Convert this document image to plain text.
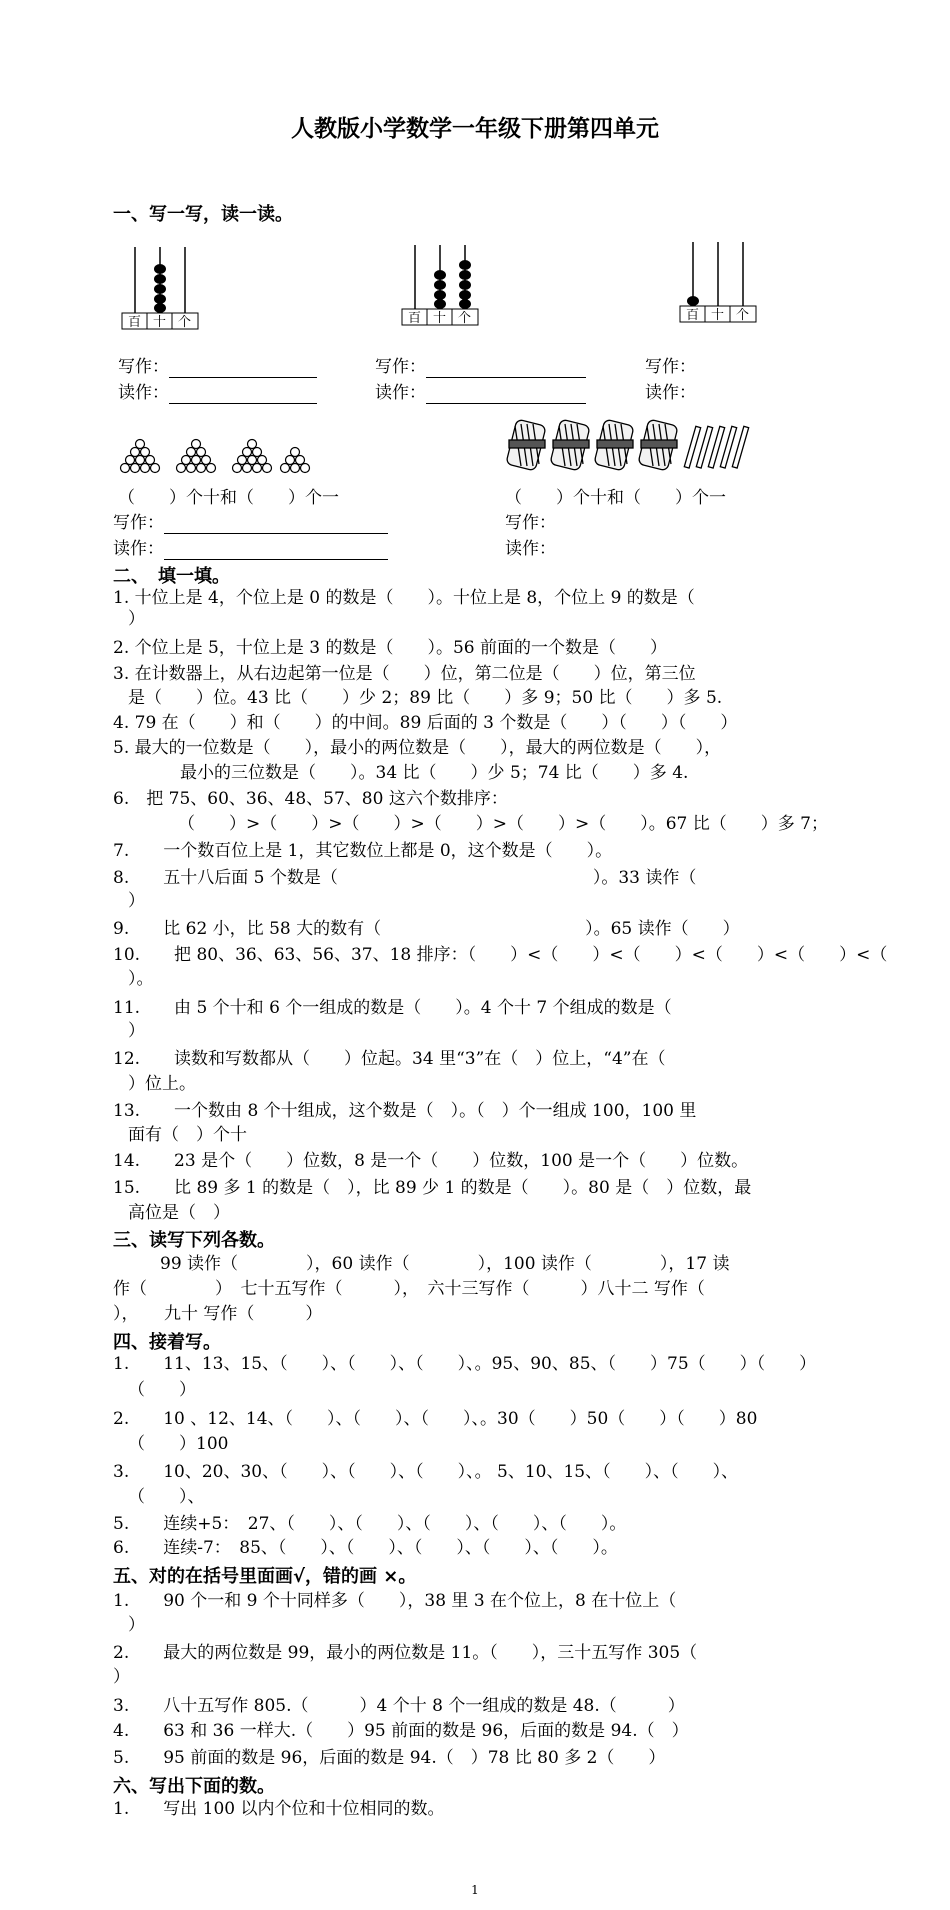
人教版小学数学一年级下册第四单元
一、写一写，读一读。
百 十 个	百 十 个	百 十 个
写作：
读作：
写作：
读作：
写作：
读作：
（　　）个十和（　　）个一	（　　）个十和（　　）个一
写作：
读作：
写作：
读作：
二、　填一填。
1. 十位上是 4，个位上是 0 的数是（　　）。十位上是 8，个位上 9 的数是（
）
2. 个位上是 5，十位上是 3 的数是（　　）。56 前面的一个数是（　　）
3. 在计数器上，从右边起第一位是（　　）位，第二位是（　　）位，第三位
是（　　）位。43 比（　　）少 2；89 比（　　）多 9；50 比（　　）多 5.
4. 79 在（　　）和（　　）的中间。89 后面的 3 个数是（　　）（　　）（　　）
5. 最大的一位数是（　　），最小的两位数是（　　），最大的两位数是（　　），
最小的三位数是（　　）。34 比（　　）少 5；74 比（　　）多 4.
6.　把 75、60、36、48、57、80 这六个数排序：
（　　）>（　　）>（　　）>（　　）>（　　）>（　　）。67 比（　　）多 7；
7.　　一个数百位上是 1，其它数位上都是 0，这个数是（　　）。
8.　　五十八后面 5 个数是（　　　　　　　　　　　　　　　）。33 读作（
）
9.　　比 62 小，比 58 大的数有（　　　　　　　　　　　　）。65 读作（　　）
10.　　把 80、36、63、56、37、18 排序：（　　）<（　　）<（　　）<（　　）<（　　）<（
）。
11.　　由 5 个十和 6 个一组成的数是（　　）。4 个十 7 个组成的数是（
）
12.　　读数和写数都从（　　）位起。34 里“3”在（　）位上，“4”在（
）位上。
13.　　一个数由 8 个十组成，这个数是（　）。（　）个一组成 100，100 里
面有（　）个十
14.　　23 是个（　　）位数，8 是一个（　　）位数，100 是一个（　　）位数。
15.　　比 89 多 1 的数是（　），比 89 少 1 的数是（　　）。80 是（　）位数，最
高位是（　）
三、读写下列各数。
99 读作（　　　　），60 读作（　　　　），100 读作（　　　　），17 读
作（　　　　）　七十五写作（　　　），　六十三写作（　　　）八十二 写作（
），　　九十 写作（　　　）
四、接着写。
1.　　11、13、15、（　　）、（　　）、（　　）、。95、90、85、（　　）75（　　）（　　）
（　　）
2.　　10 、12、14、（　　）、（　　）、（　　）、。30（　　）50（　　）（　　）80
（　　）100
3.　　10、20、30、（　　）、（　　）、（　　）、。 5、10、15、（　　）、（　　）、
（　　）、
5.　　连续+5：　27、（　　）、（　　）、（　　）、（　　）、（　　）。
6.　　连续-7：　85、（　　）、（　　）、（　　）、（　　）、（　　）。
五、对的在括号里面画√，错的画 ×。
1.　　90 个一和 9 个十同样多（　　），38 里 3 在个位上，8 在十位上（
）
2.　　最大的两位数是 99，最小的两位数是 11。（　　），三十五写作 305（
）
3.　　八十五写作 805.（　　　）4 个十 8 个一组成的数是 48.（　　　）
4.　　63 和 36 一样大.（　　）95 前面的数是 96，后面的数是 94.（　）
5.　　95 前面的数是 96，后面的数是 94.（　）78 比 80 多 2（　　）
六、写出下面的数。
1.　　写出 100 以内个位和十位相同的数。
1
